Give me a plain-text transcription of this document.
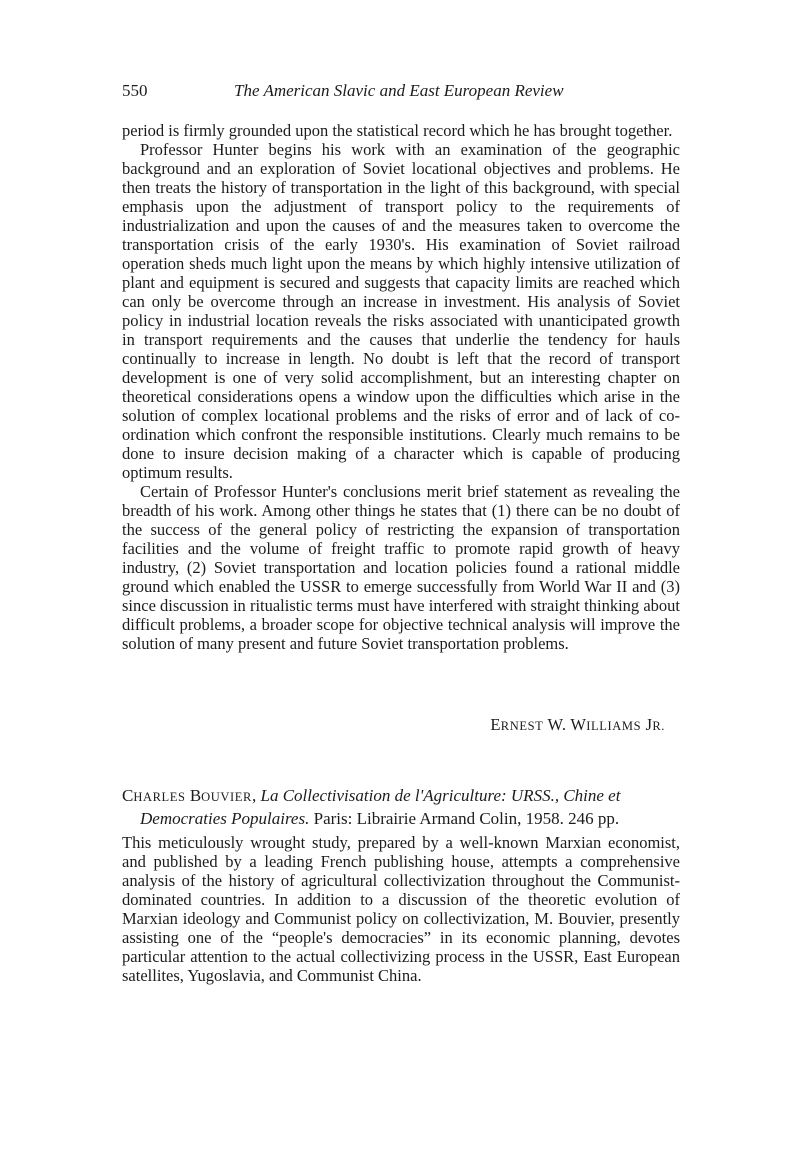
550	The American Slavic and East European Review

period is firmly grounded upon the statistical record which he has brought together.

Professor Hunter begins his work with an examination of the geographic background and an exploration of Soviet locational objectives and problems. He then treats the history of transportation in the light of this background, with special emphasis upon the adjustment of transport policy to the requirements of industrialization and upon the causes of and the measures taken to overcome the transportation crisis of the early 1930's. His examination of Soviet railroad operation sheds much light upon the means by which highly intensive utilization of plant and equipment is secured and suggests that capacity limits are reached which can only be overcome through an increase in investment. His analysis of Soviet policy in industrial location reveals the risks associated with unanticipated growth in transport requirements and the causes that underlie the tendency for hauls continually to increase in length. No doubt is left that the record of transport development is one of very solid accomplishment, but an interesting chapter on theoretical considerations opens a window upon the difficulties which arise in the solution of complex locational problems and the risks of error and of lack of coordination which confront the responsible institutions. Clearly much remains to be done to insure decision making of a character which is capable of producing optimum results.

Certain of Professor Hunter's conclusions merit brief statement as revealing the breadth of his work. Among other things he states that (1) there can be no doubt of the success of the general policy of restricting the expansion of transportation facilities and the volume of freight traffic to promote rapid growth of heavy industry, (2) Soviet transportation and location policies found a rational middle ground which enabled the USSR to emerge successfully from World War II and (3) since discussion in ritualistic terms must have interfered with straight thinking about difficult problems, a broader scope for objective technical analysis will improve the solution of many present and future Soviet transportation problems.

ERNEST W. WILLIAMS JR.
CHARLES BOUVIER, La Collectivisation de l'Agriculture: URSS., Chine et
Democraties Populaires. Paris: Librairie Armand Colin, 1958. 246 pp.

This meticulously wrought study, prepared by a well-known Marxian economist, and published by a leading French publishing house, attempts a comprehensive analysis of the history of agricultural collectivization throughout the Communist-dominated countries. In addition to a discussion of the theoretic evolution of Marxian ideology and Communist policy on collectivization, M. Bouvier, presently assisting one of the “people's democracies” in its economic planning, devotes particular attention to the actual collectivizing process in the USSR, East European satellites, Yugoslavia, and Communist China.
